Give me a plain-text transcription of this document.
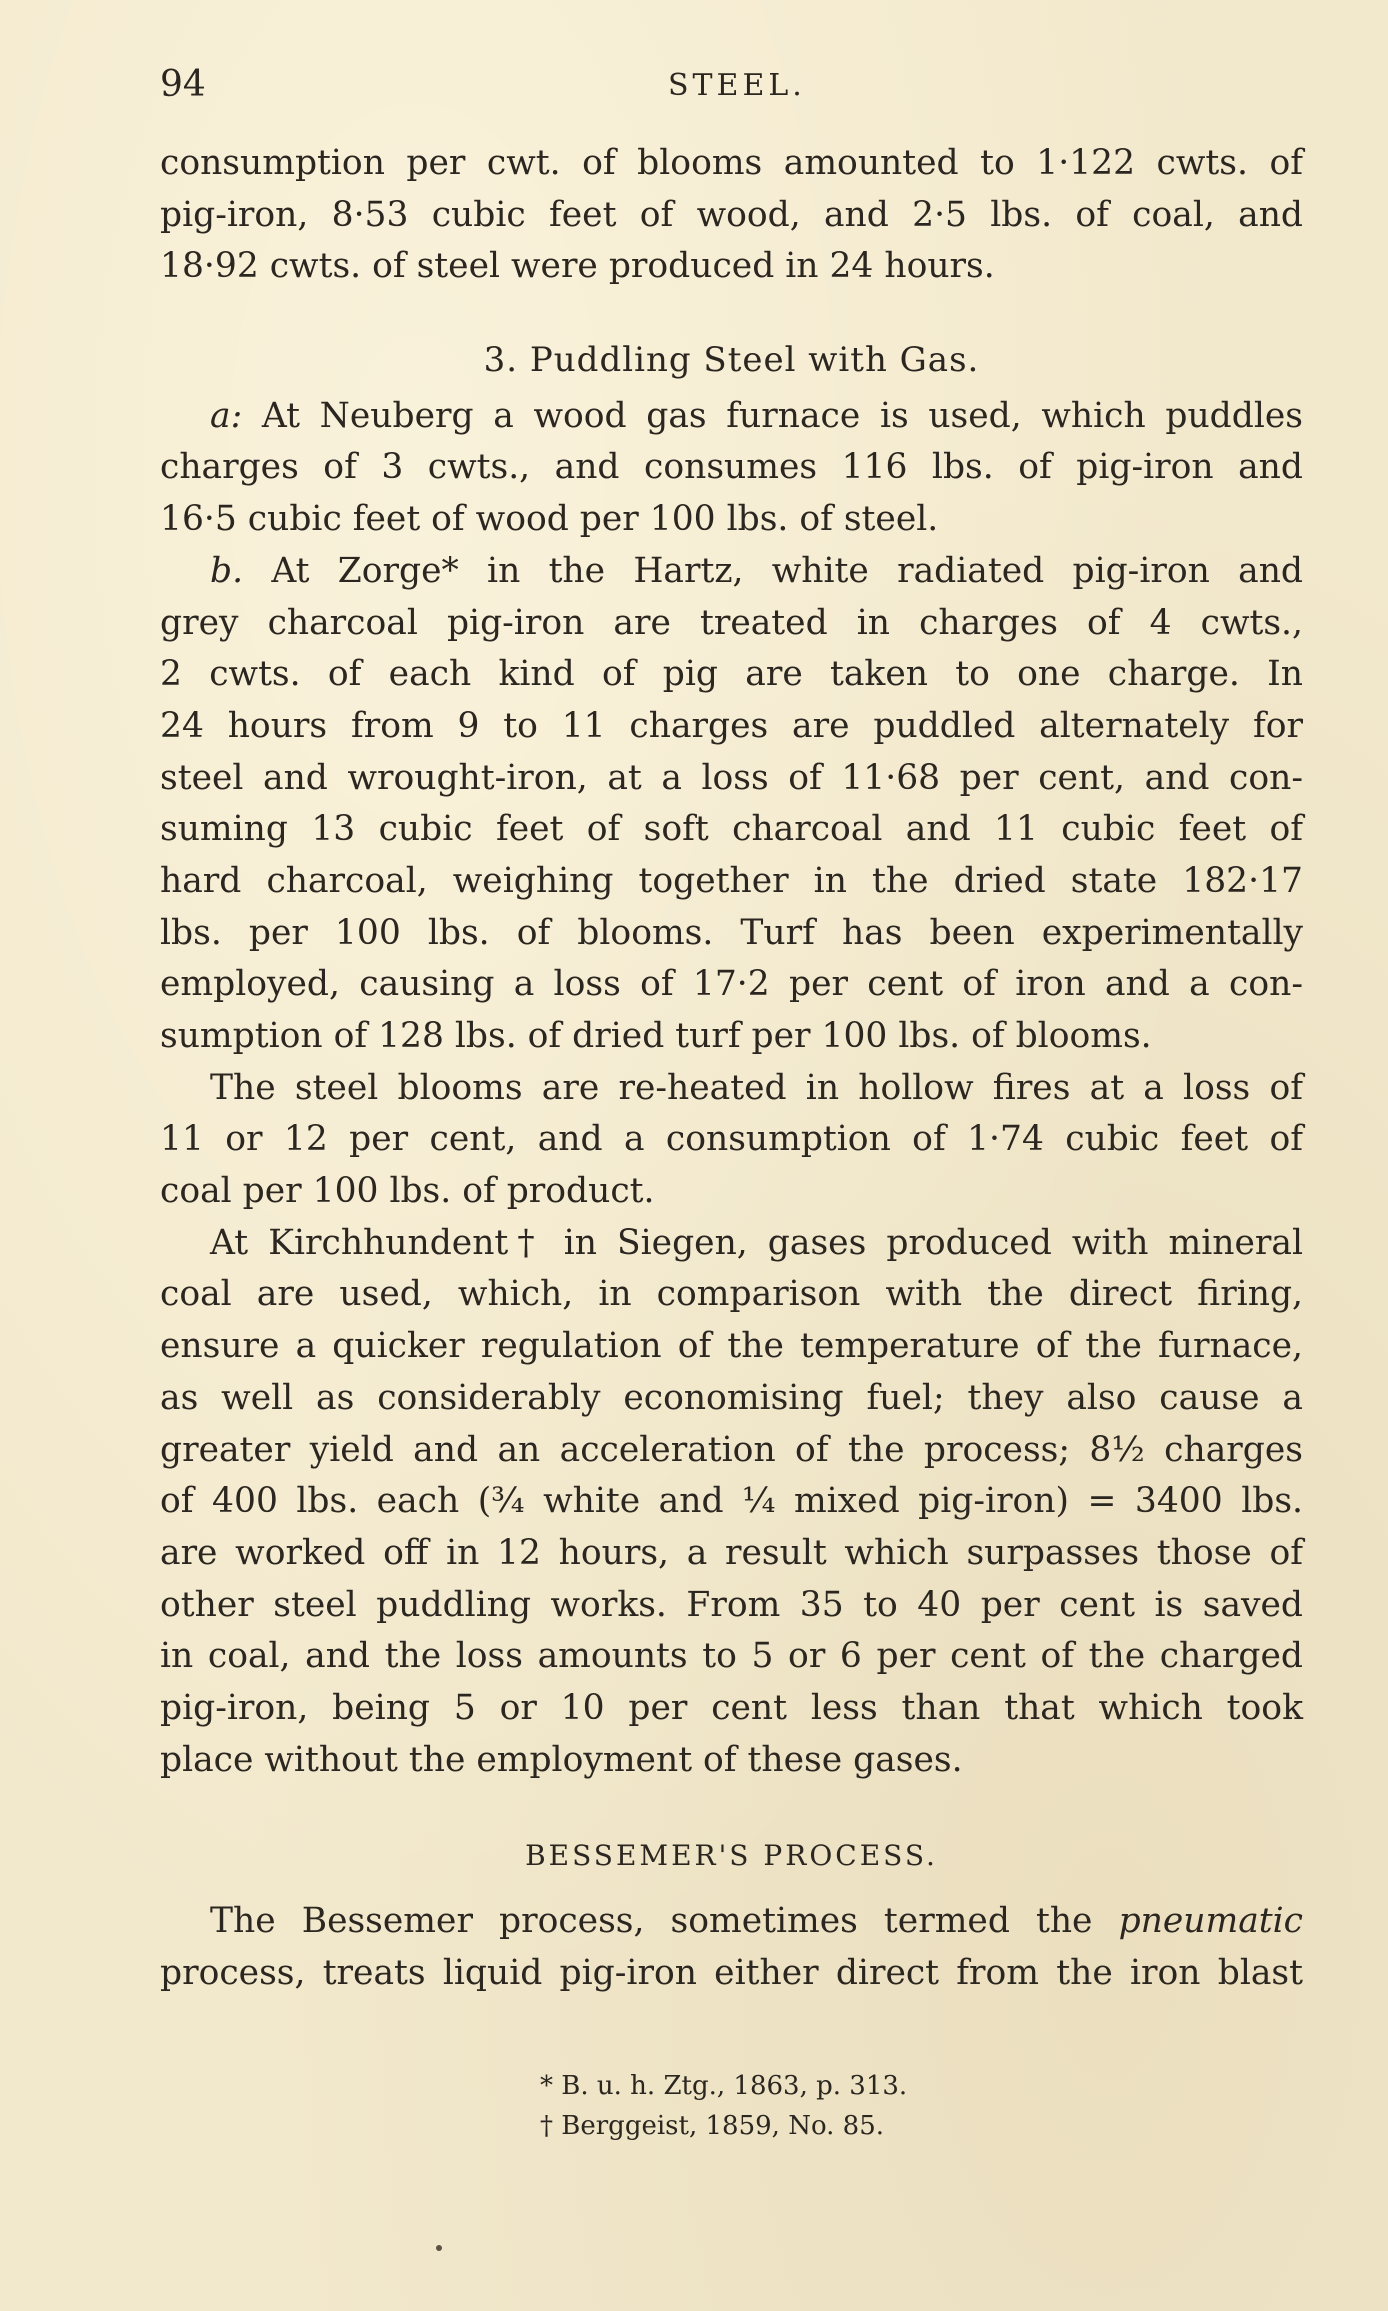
94	STEEL.
consumption per cwt. of blooms amounted to 1·122 cwts. of
pig-iron, 8·53 cubic feet of wood, and 2·5 lbs. of coal, and
18·92 cwts. of steel were produced in 24 hours.
3. Puddling Steel with Gas.
a: At Neuberg a wood gas furnace is used, which puddles
charges of 3 cwts., and consumes 116 lbs. of pig-iron and
16·5 cubic feet of wood per 100 lbs. of steel.
b. At Zorge* in the Hartz, white radiated pig-iron and
grey charcoal pig-iron are treated in charges of 4 cwts.,
2 cwts. of each kind of pig are taken to one charge. In
24 hours from 9 to 11 charges are puddled alternately for
steel and wrought-iron, at a loss of 11·68 per cent, and con-
suming 13 cubic feet of soft charcoal and 11 cubic feet of
hard charcoal, weighing together in the dried state 182·17
lbs. per 100 lbs. of blooms. Turf has been experimentally
employed, causing a loss of 17·2 per cent of iron and a con-
sumption of 128 lbs. of dried turf per 100 lbs. of blooms.
The steel blooms are re-heated in hollow fires at a loss of
11 or 12 per cent, and a consumption of 1·74 cubic feet of
coal per 100 lbs. of product.
At Kirchhundent† in Siegen, gases produced with mineral
coal are used, which, in comparison with the direct firing,
ensure a quicker regulation of the temperature of the furnace,
as well as considerably economising fuel; they also cause a
greater yield and an acceleration of the process; 8½ charges
of 400 lbs. each (¾ white and ¼ mixed pig-iron) = 3400 lbs.
are worked off in 12 hours, a result which surpasses those of
other steel puddling works. From 35 to 40 per cent is saved
in coal, and the loss amounts to 5 or 6 per cent of the charged
pig-iron, being 5 or 10 per cent less than that which took
place without the employment of these gases.
BESSEMER'S PROCESS.
The Bessemer process, sometimes termed the pneumatic
process, treats liquid pig-iron either direct from the iron blast
* B. u. h. Ztg., 1863, p. 313.
† Berggeist, 1859, No. 85.
